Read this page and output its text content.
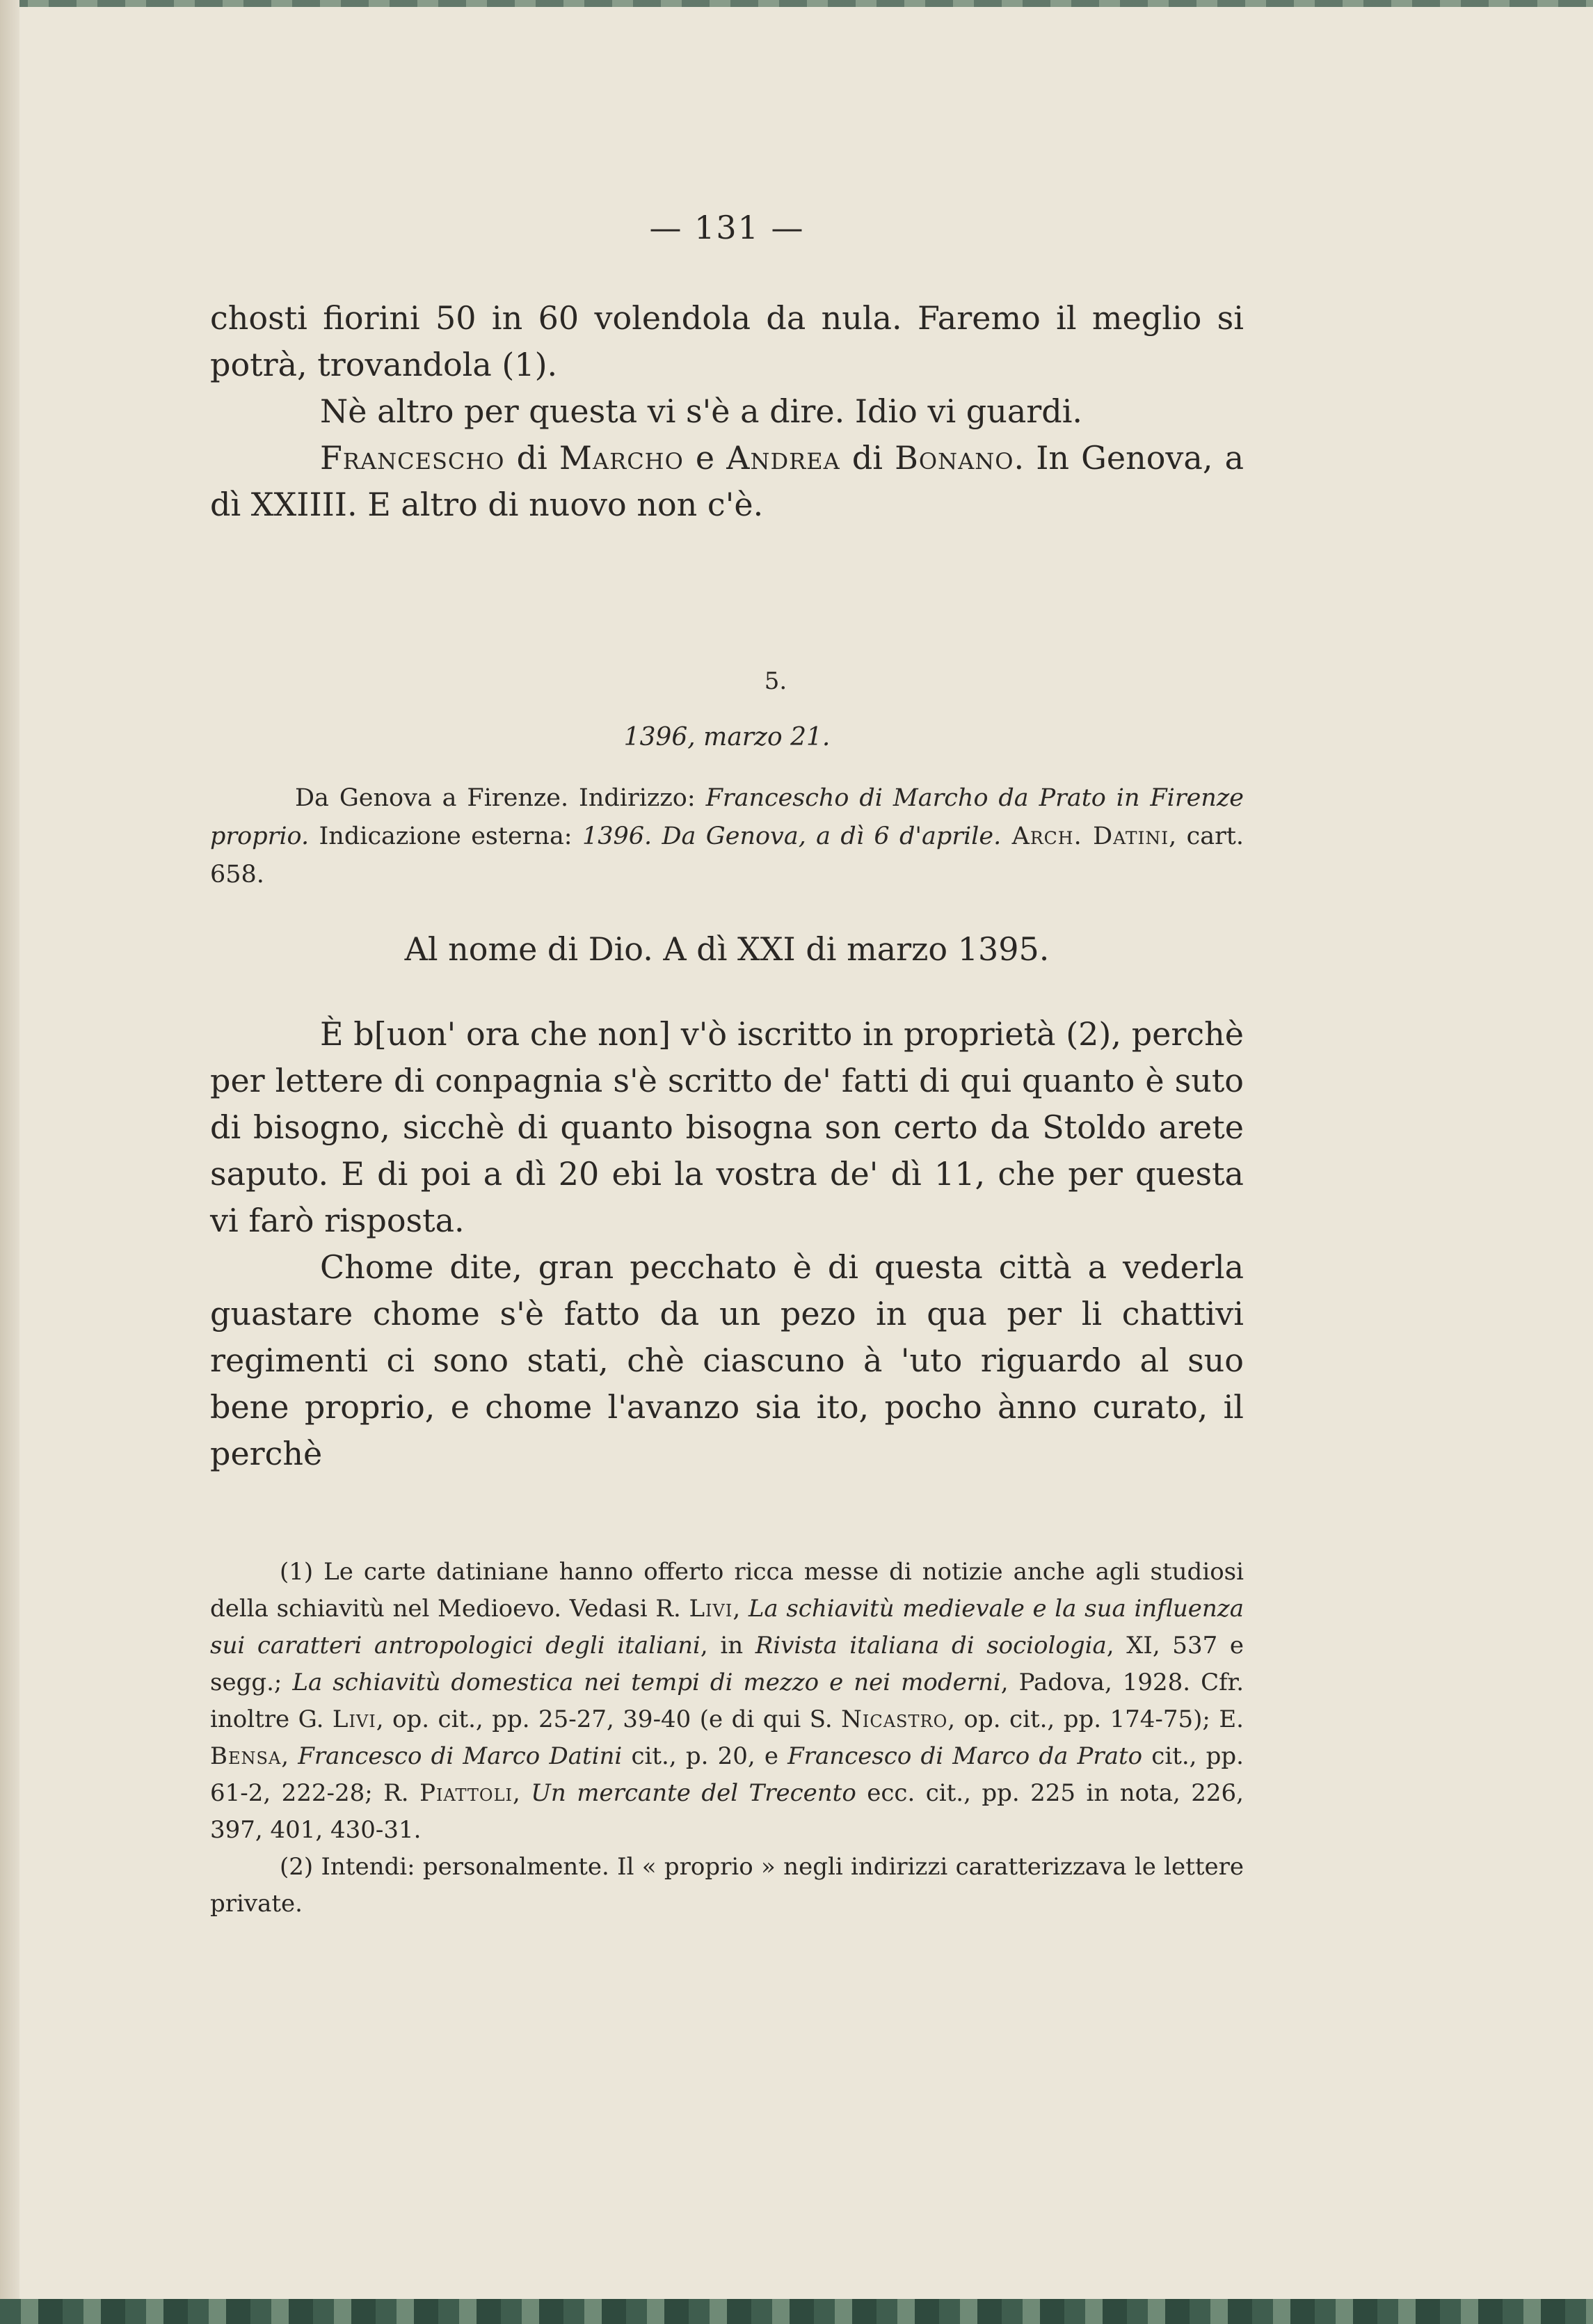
— 131 —

chosti fiorini 50 in 60 volendola da nula. Faremo il meglio si potrà, trovandola (1).

Nè altro per questa vi s'è a dire. Idio vi guardi.

Franceschо di Marcho e Andrea di Bonano. In Genova, a dì XXIIII. E altro di nuovo non c'è.

5.

1396, marzo 21.

Da Genova a Firenze. Indirizzo: Franceschо di Marcho da Prato in Firenze proprio. Indicazione esterna: 1396. Da Genova, a dì 6 d'aprile. Arch. Datini, cart. 658.

Al nome di Dio. A dì XXI di marzo 1395.

È b[uon' ora che non] v'ò iscritto in proprietà (2), perchè per lettere di conpagnia s'è scritto de' fatti di qui quanto è suto di bisogno, sicchè di quanto bisogna son certo da Stoldo arete saputo. E di poi a dì 20 ebi la vostra de' dì 11, che per questa vi farò risposta.

Chome dite, gran pecchato è di questa città a vederla guastare chome s'è fatto da un pezo in qua per li chattivi regimenti ci sono stati, chè ciascuno à 'uto riguardo al suo bene proprio, e chome l'avanzo sia ito, pocho ànno curato, il perchè

(1) Le carte datiniane hanno offerto ricca messe di notizie anche agli studiosi della schiavitù nel Medioevo. Vedasi R. Livi, La schiavitù medievale e la sua influenza sui caratteri antropologici degli italiani, in Rivista italiana di sociologia, XI, 537 e segg.; La schiavitù domestica nei tempi di mezzo e nei moderni, Padova, 1928. Cfr. inoltre G. Livi, op. cit., pp. 25-27, 39-40 (e di qui S. Nicastro, op. cit., pp. 174-75); E. Bensa, Francesco di Marco Datini cit., p. 20, e Francesco di Marco da Prato cit., pp. 61-2, 222-28; R. Piattoli, Un mercante del Trecento ecc. cit., pp. 225 in nota, 226, 397, 401, 430-31.

(2) Intendi: personalmente. Il « proprio » negli indirizzi caratterizzava le lettere private.
